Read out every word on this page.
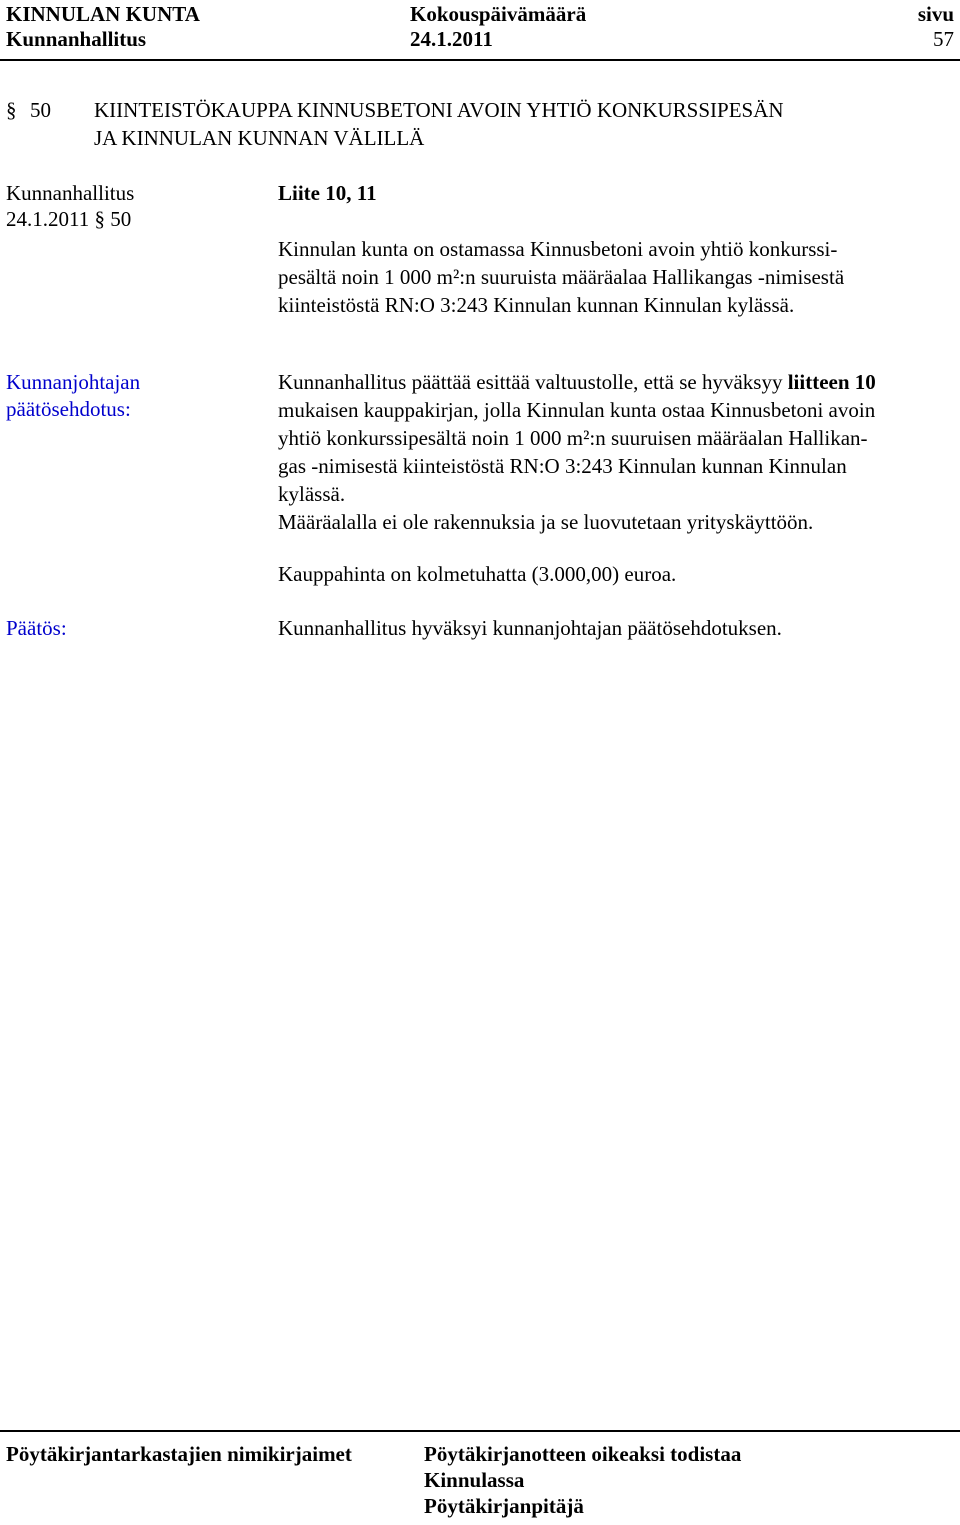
KINNULAN KUNTA
Kunnanhallitus
Kokouspäivämäärä
24.1.2011
sivu
57
§ 50 KIINTEISTÖKAUPPA KINNUSBETONI AVOIN YHTIÖ KONKURSSIPESÄN
JA KINNULAN KUNNAN VÄLILLÄ
Kunnanhallitus	Liite 10, 11
24.1.2011 § 50
Kinnulan kunta on ostamassa Kinnusbetoni avoin yhtiö konkurssi-
pesältä noin 1 000 m²:n suuruista määräalaa Hallikangas -nimisestä
kiinteistöstä RN:O 3:243 Kinnulan kunnan Kinnulan kylässä.
Kunnanjohtajan
päätösehdotus:
Kunnanhallitus päättää esittää valtuustolle, että se hyväksyy liitteen 10
mukaisen kauppakirjan, jolla Kinnulan kunta ostaa Kinnusbetoni avoin
yhtiö konkurssipesältä noin 1 000 m²:n suuruisen määräalan Hallikan-
gas -nimisestä kiinteistöstä RN:O 3:243 Kinnulan kunnan Kinnulan
kylässä.
Määräalalla ei ole rakennuksia ja se luovutetaan yrityskäyttöön.
Kauppahinta on kolmetuhatta (3.000,00) euroa.
Päätös:	Kunnanhallitus hyväksyi kunnanjohtajan päätösehdotuksen.
Pöytäkirjantarkastajien nimikirjaimet	Pöytäkirjanotteen oikeaksi todistaa
Kinnulassa
Pöytäkirjanpitäjä
